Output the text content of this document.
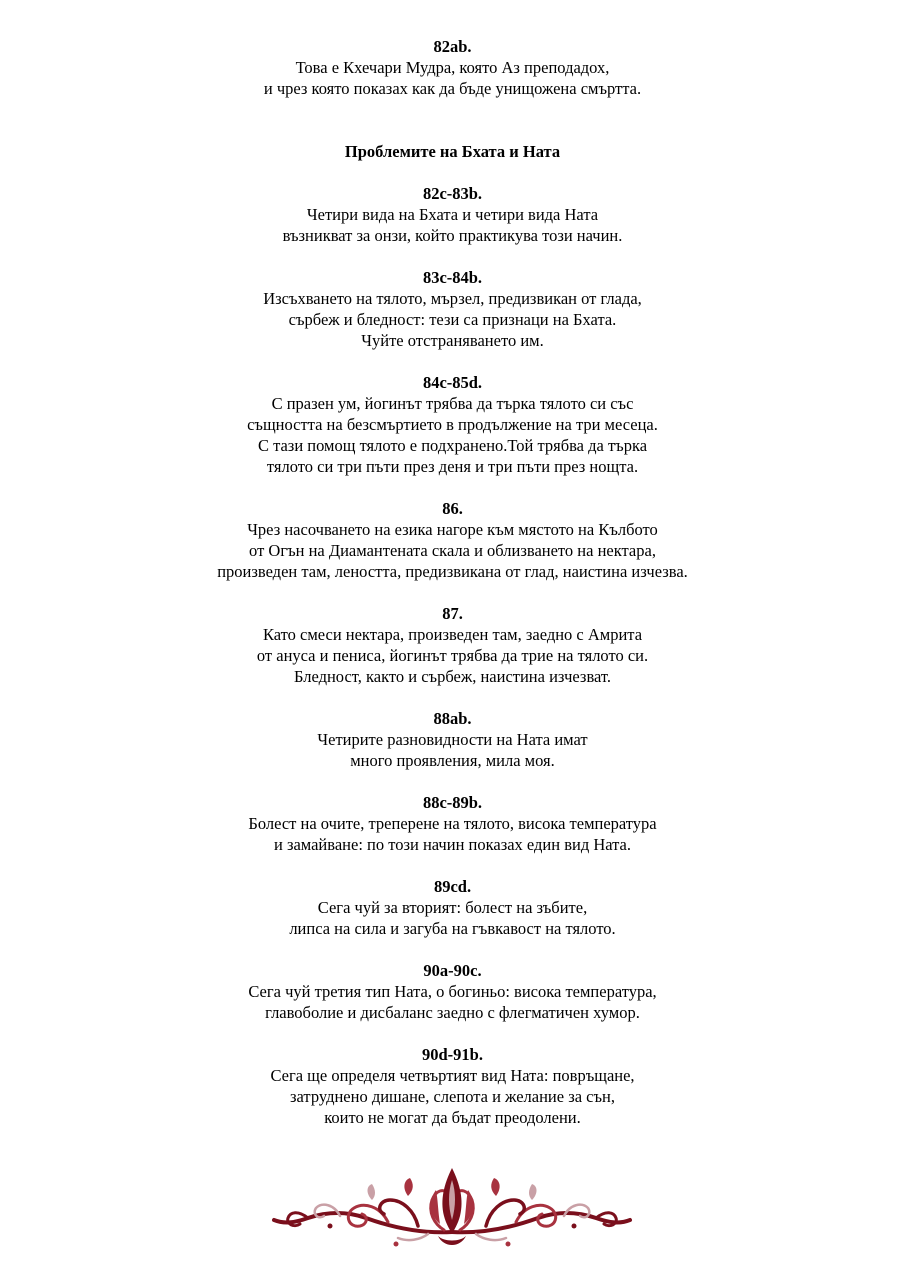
82ab.
Това е Кхечари Мудра, която Аз преподадох,
и чрез която показах как да бъде унищожена смъртта.
Проблемите на Бхата и Ната
82c-83b.
Четири вида на Бхата и четири вида Ната
възникват за онзи, който практикува този начин.
83c-84b.
Изсъхването на тялото, мързел, предизвикан от глада,
сърбеж и бледност: тези са признаци на Бхата.
Чуйте отстраняването им.
84c-85d.
С празен ум, йогинът трябва да търка тялото си със
същността на безсмъртието в продължение на три месеца.
С тази помощ тялото е подхранено.Той трябва да търка
тялото си три пъти през деня и три пъти през нощта.
86.
Чрез насочването на езика нагоре към мястото на Кълбото
от Огън на Диамантената скала и облизването на нектара,
произведен там, леността, предизвикана от глад, наистина изчезва.
87.
Като смеси нектара, произведен там, заедно с Амрита
от ануса и пениса, йогинът трябва да трие на тялото си.
Бледност, както и сърбеж, наистина изчезват.
88ab.
Четирите разновидности на Ната имат
много проявления, мила моя.
88c-89b.
Болест на очите, треперене на тялото, висока температура
и замайване: по този начин показах един вид Ната.
89cd.
Сега чуй за вторият: болест на зъбите,
липса на сила и загуба на гъвкавост на тялото.
90a-90c.
Сега чуй третия тип Ната, о богиньо: висока температура,
главоболие и дисбаланс заедно с флегматичен хумор.
90d-91b.
Сега ще определя четвъртият вид Ната: повръщане,
затруднено дишане, слепота и желание за сън,
които не могат да бъдат преодолени.
